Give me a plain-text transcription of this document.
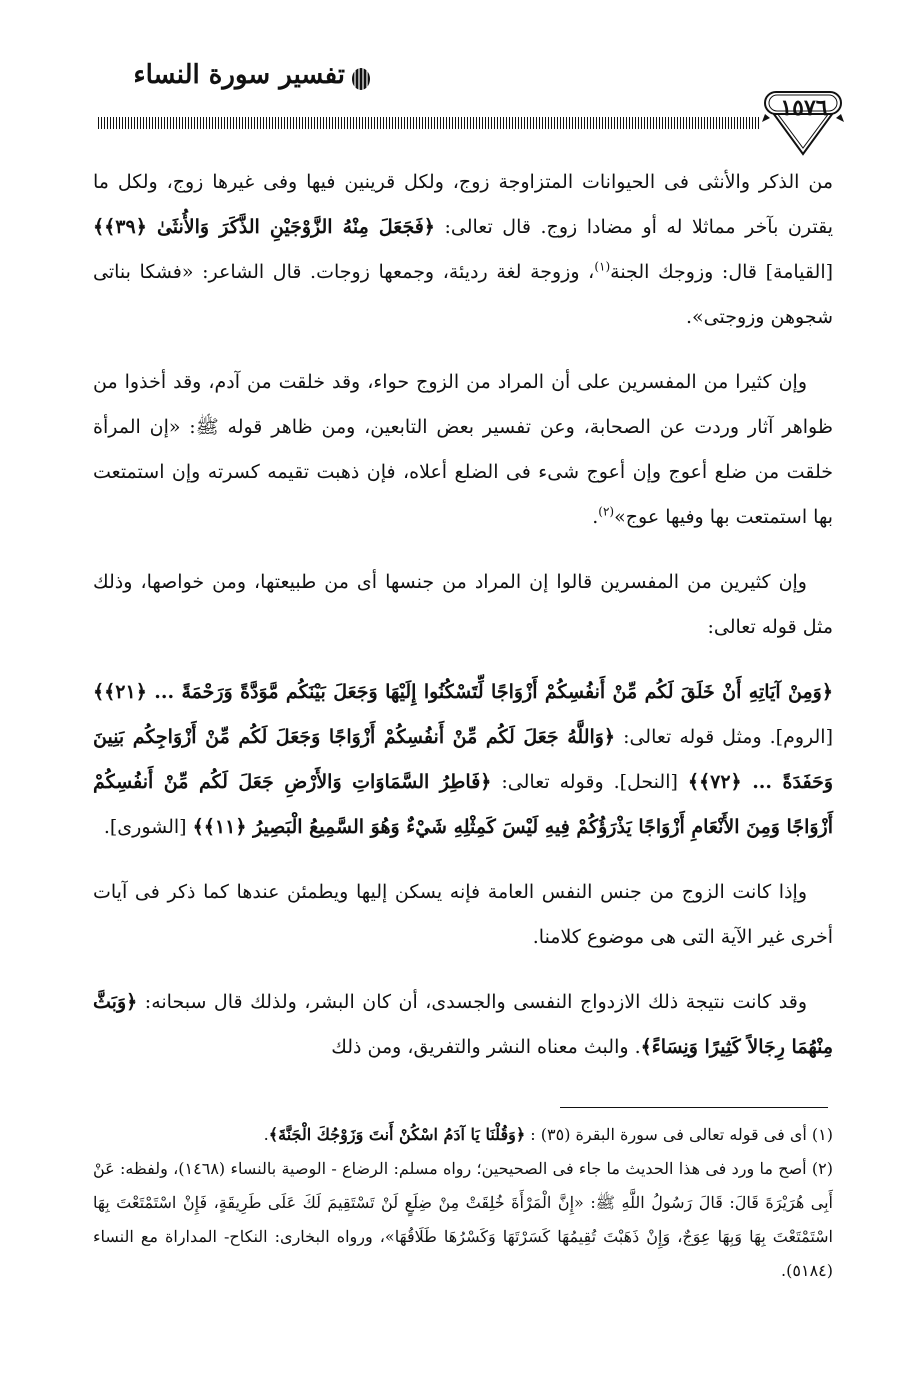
تفسير سورة النساء
١٥٧٦

من الذكر والأنثى فى الحيوانات المتزاوجة زوج، ولكل قرينين فيها وفى غيرها زوج، ولكل ما يقترن بآخر مماثلا له أو مضادا زوج. قال تعالى: ﴿فَجَعَلَ مِنْهُ الزَّوْجَيْنِ الذَّكَرَ وَالأُنثَىٰ ﴿٣٩﴾﴾ [القيامة] قال: وزوجك الجنة$^{(١)}$، وزوجة لغة رديئة، وجمعها زوجات. قال الشاعر: «فشكا بناتى شجوهن وزوجتى».

وإن كثيرا من المفسرين على أن المراد من الزوج حواء، وقد خلقت من آدم، وقد أخذوا من ظواهر آثار وردت عن الصحابة، وعن تفسير بعض التابعين، ومن ظاهر قوله ﷺ: «إن المرأة خلقت من ضلع أعوج وإن أعوج شىء فى الضلع أعلاه، فإن ذهبت تقيمه كسرته وإن استمتعت بها استمتعت بها وفيها عوج»$^{(٢)}$.

وإن كثيرين من المفسرين قالوا إن المراد من جنسها أى من طبيعتها، ومن خواصها، وذلك مثل قوله تعالى:

﴿وَمِنْ آيَاتِهِ أَنْ خَلَقَ لَكُم مِّنْ أَنفُسِكُمْ أَزْوَاجًا لِّتَسْكُنُوا إِلَيْهَا وَجَعَلَ بَيْنَكُم مَّوَدَّةً وَرَحْمَةً ... ﴿٢١﴾﴾ [الروم]. ومثل قوله تعالى: ﴿وَاللَّهُ جَعَلَ لَكُم مِّنْ أَنفُسِكُمْ أَزْوَاجًا وَجَعَلَ لَكُم مِّنْ أَزْوَاجِكُم بَنِينَ وَحَفَدَةً ... ﴿٧٢﴾﴾ [النحل]. وقوله تعالى: ﴿فَاطِرُ السَّمَاوَاتِ وَالأَرْضِ جَعَلَ لَكُم مِّنْ أَنفُسِكُمْ أَزْوَاجًا وَمِنَ الأَنْعَامِ أَزْوَاجًا يَذْرَؤُكُمْ فِيهِ لَيْسَ كَمِثْلِهِ شَيْءٌ وَهُوَ السَّمِيعُ الْبَصِيرُ ﴿١١﴾﴾ [الشورى].

وإذا كانت الزوج من جنس النفس العامة فإنه يسكن إليها ويطمئن عندها كما ذكر فى آيات أخرى غير الآية التى هى موضوع كلامنا.

وقد كانت نتيجة ذلك الازدواج النفسى والجسدى، أن كان البشر، ولذلك قال سبحانه: ﴿وَبَثَّ مِنْهُمَا رِجَالاً كَثِيرًا وَنِسَاءً﴾. والبث معناه النشر والتفريق، ومن ذلك

(١) أى فى قوله تعالى فى سورة البقرة (٣٥) : ﴿وَقُلْنَا يَا آدَمُ اسْكُنْ أَنتَ وَزَوْجُكَ الْجَنَّةَ﴾.

(٢) أصح ما ورد فى هذا الحديث ما جاء فى الصحيحين؛ رواه مسلم: الرضاع - الوصية بالنساء (١٤٦٨)، ولفظه: عَنْ أَبِى هُرَيْرَةَ قَالَ: قَالَ رَسُولُ اللَّهِ ﷺ: «إِنَّ الْمَرْأَةَ خُلِقَتْ مِنْ ضِلَعٍ لَنْ تَسْتَقِيمَ لَكَ عَلَى طَرِيقَةٍ، فَإِنْ اسْتَمْتَعْتَ بِهَا اسْتَمْتَعْتَ بِهَا وَبِهَا عِوَجٌ، وَإِنْ ذَهَبْتَ تُقِيمُهَا كَسَرْتَهَا وَكَسْرُهَا طَلَاقُهَا»، ورواه البخارى: النكاح- المداراة مع النساء (٥١٨٤).
